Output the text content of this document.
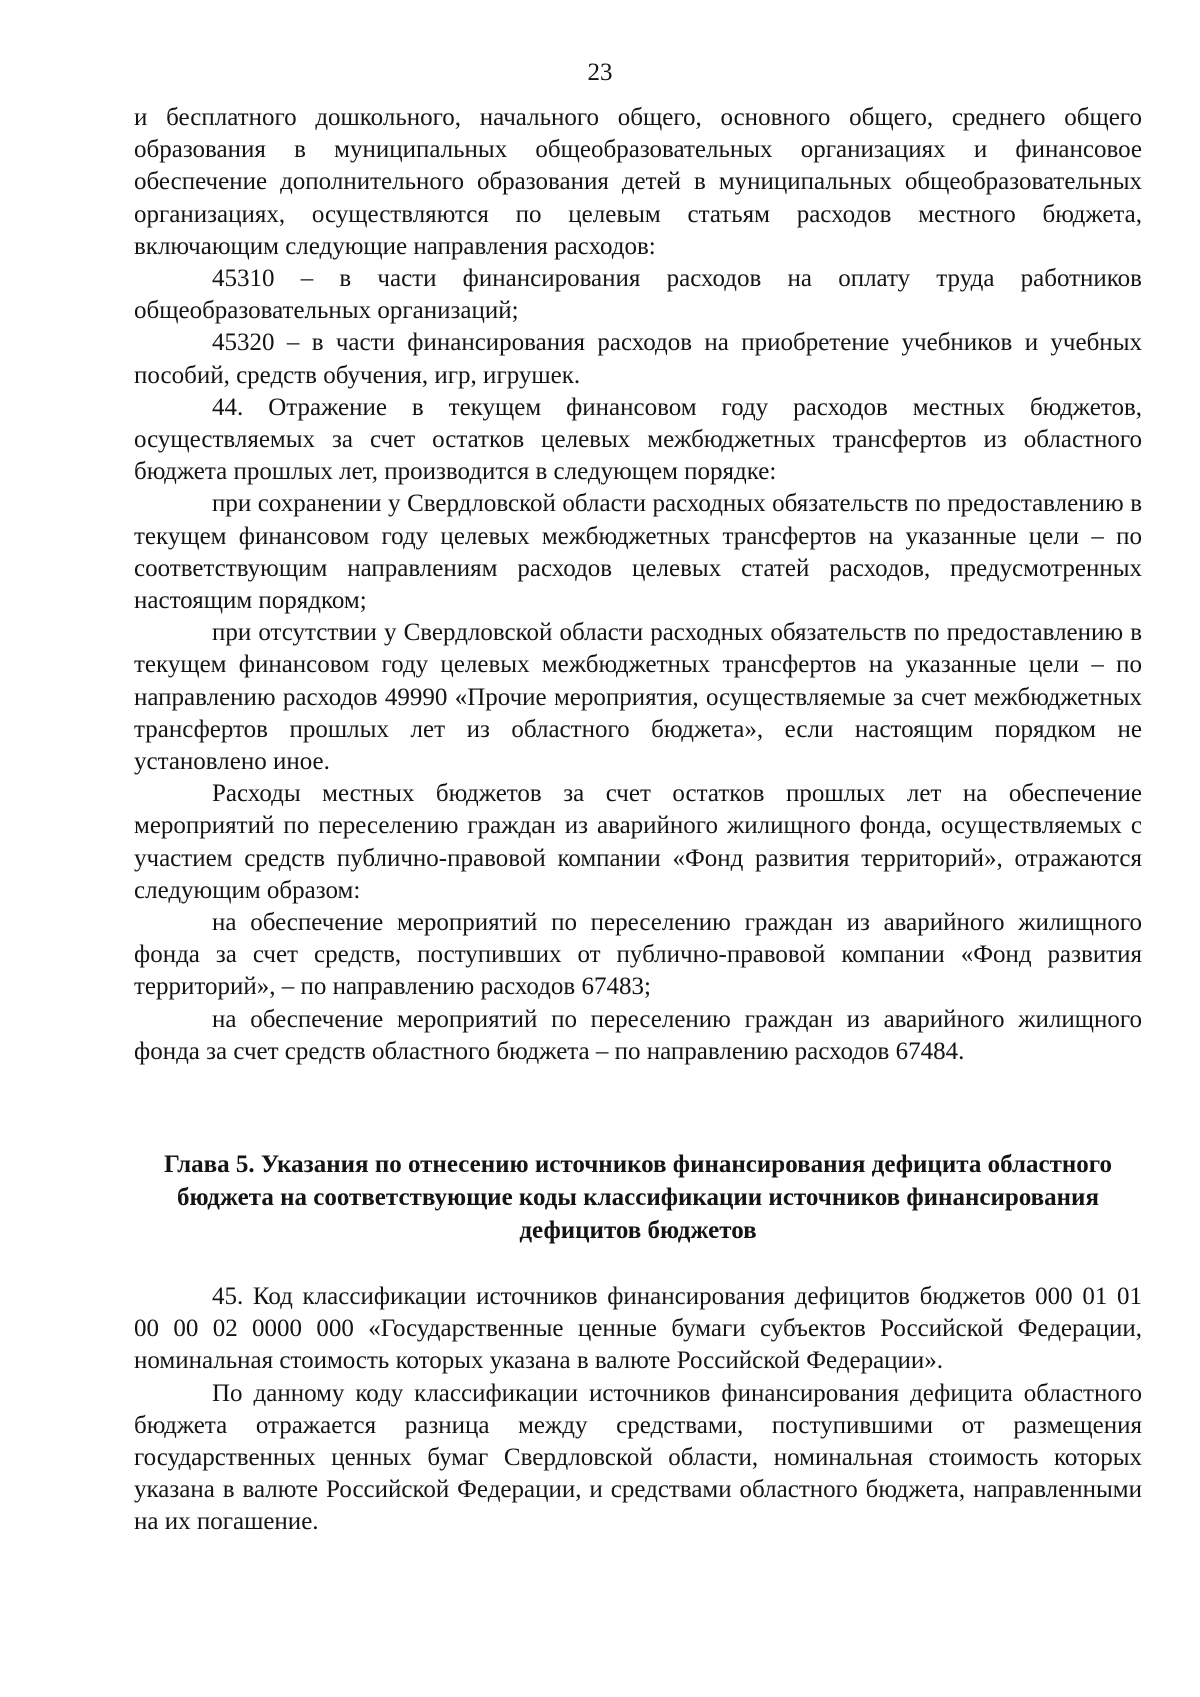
23

и бесплатного дошкольного, начального общего, основного общего, среднего общего образования в муниципальных общеобразовательных организациях и финансовое обеспечение дополнительного образования детей в муниципальных общеобразовательных организациях, осуществляются по целевым статьям расходов местного бюджета, включающим следующие направления расходов:

45310 – в части финансирования расходов на оплату труда работников общеобразовательных организаций;

45320 – в части финансирования расходов на приобретение учебников и учебных пособий, средств обучения, игр, игрушек.

44. Отражение в текущем финансовом году расходов местных бюджетов, осуществляемых за счет остатков целевых межбюджетных трансфертов из областного бюджета прошлых лет, производится в следующем порядке:

при сохранении у Свердловской области расходных обязательств по предоставлению в текущем финансовом году целевых межбюджетных трансфертов на указанные цели – по соответствующим направлениям расходов целевых статей расходов, предусмотренных настоящим порядком;

при отсутствии у Свердловской области расходных обязательств по предоставлению в текущем финансовом году целевых межбюджетных трансфертов на указанные цели – по направлению расходов 49990 «Прочие мероприятия, осуществляемые за счет межбюджетных трансфертов прошлых лет из областного бюджета», если настоящим порядком не установлено иное.

Расходы местных бюджетов за счет остатков прошлых лет на обеспечение мероприятий по переселению граждан из аварийного жилищного фонда, осуществляемых с участием средств публично-правовой компании «Фонд развития территорий», отражаются следующим образом:

на обеспечение мероприятий по переселению граждан из аварийного жилищного фонда за счет средств, поступивших от публично-правовой компании «Фонд развития территорий», – по направлению расходов 67483;

на обеспечение мероприятий по переселению граждан из аварийного жилищного фонда за счет средств областного бюджета – по направлению расходов 67484.

Глава 5. Указания по отнесению источников финансирования дефицита областного бюджета на соответствующие коды классификации источников финансирования дефицитов бюджетов

45. Код классификации источников финансирования дефицитов бюджетов 000 01 01 00 00 02 0000 000 «Государственные ценные бумаги субъектов Российской Федерации, номинальная стоимость которых указана в валюте Российской Федерации».

По данному коду классификации источников финансирования дефицита областного бюджета отражается разница между средствами, поступившими от размещения государственных ценных бумаг Свердловской области, номинальная стоимость которых указана в валюте Российской Федерации, и средствами областного бюджета, направленными на их погашение.
